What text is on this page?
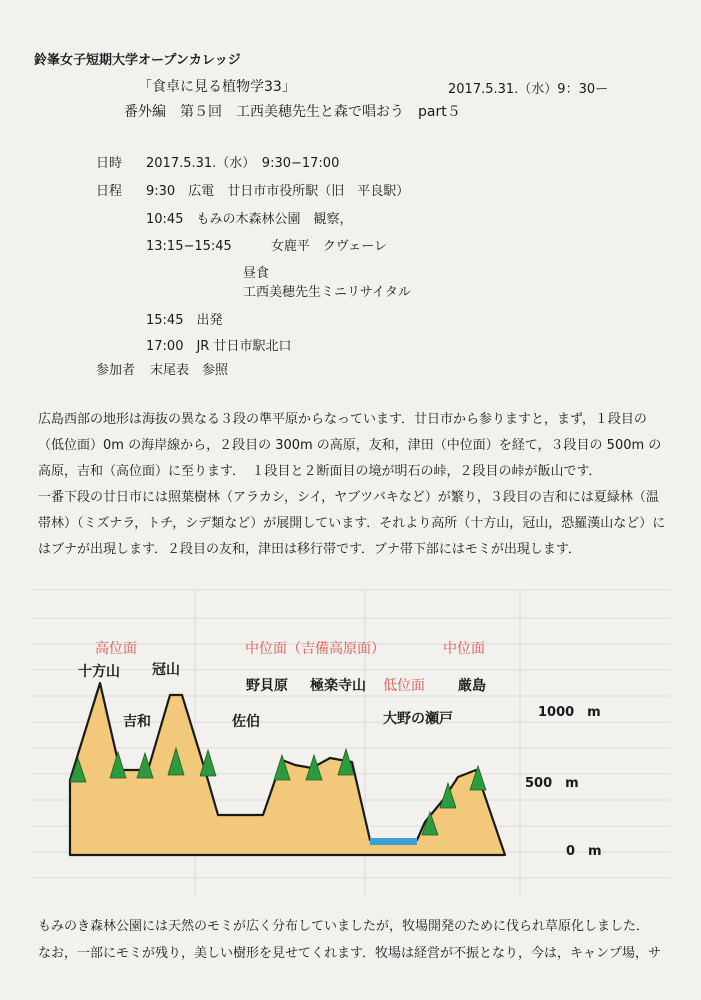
鈴峯女子短期大学オープンカレッジ
「食卓に見る植物学33」	2017.5.31.（水）9：30ー
番外編　第５回　工西美穂先生と森で唱おう　part５
日時 2017.5.31.（水）　9:30−17:00
日程 9:30　広電　廿日市市役所駅（旧　平良駅）
10:45　もみの木森林公園　観察，
13:15−15:45　　　女鹿平　クヴェーレ
昼食
工西美穂先生ミニリサイタル
15:45　出発
17:00　JR 廿日市駅北口
参加者 末尾表　参照

広島西部の地形は海抜の異なる３段の準平原からなっています．廿日市から参りますと，まず，１段目の（低位面）0m の海岸線から，２段目の 300m の高原，友和，津田（中位面）を経て，３段目の 500m の高原，吉和（高位面）に至ります．　１段目と２断面目の境が明石の峠，２段目の峠が飯山です．

一番下段の廿日市には照葉樹林（アラカシ，シイ，ヤブツバキなど）が繁り，３段目の吉和には夏緑林（温帯林）（ミズナラ，トチ，シデ類など）が展開しています．それより高所（十方山，冠山，恐羅漢山など）にはブナが出現します．２段目の友和，津田は移行帯です．ブナ帯下部にはモミが出現します．

高位面	中位面（吉備高原面）	中位面
低位面
十方山 冠山
吉和	佐伯
野貝原 極楽寺山
大野の瀬戸
厳島
1000　m
500　m
0　m

もみのき森林公園には天然のモミが広く分布していましたが，牧場開発のために伐られ草原化しました．

なお，一部にモミが残り，美しい樹形を見せてくれます．牧場は経営が不振となり，今は，キャンプ場，サ
